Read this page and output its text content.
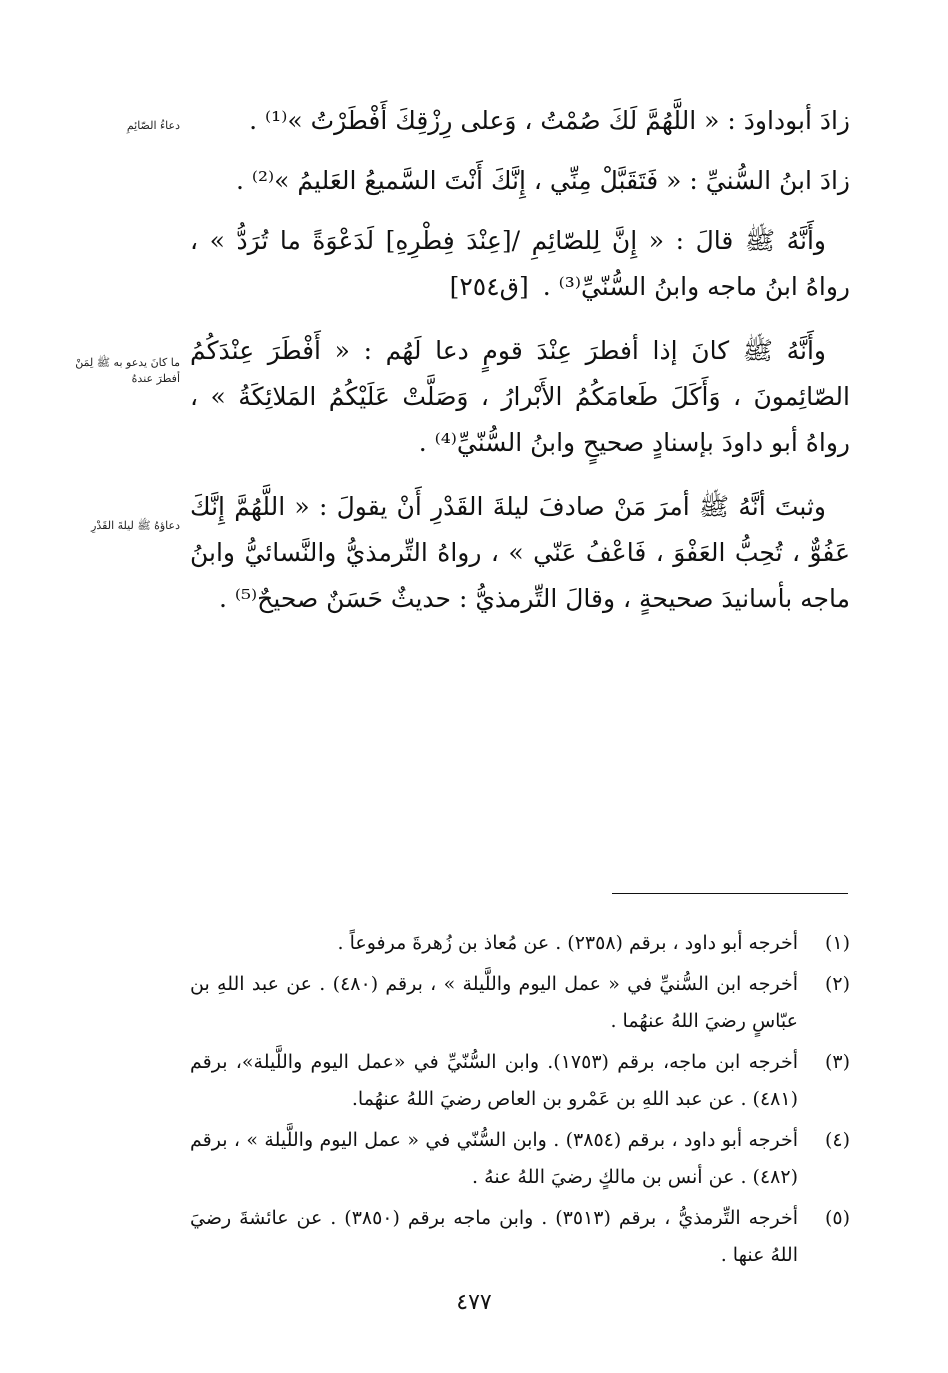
زادَ أبوداودَ : « اللَّهُمَّ لَكَ صُمْتُ ، وَعلى رِزْقِكَ أَفْطَرْتُ »⁽¹⁾ .

زادَ ابنُ السُّنيِّ : « فَتَقَبَّلْ مِنِّي ، إِنَّكَ أَنْتَ السَّميعُ العَليمُ »⁽²⁾ .

وأَنَّهُ ﷺ قالَ : « إِنَّ لِلصّائِمِ /[عِنْدَ فِطْرِهِ] لَدَعْوَةً ما تُرَدُّ » ، رواهُ ابنُ ماجه وابنُ السُّنّيِّ⁽³⁾ . [ق٢٥٤]

وأَنَّهُ ﷺ كانَ إذا أفطرَ عِنْدَ قومٍ دعا لَهُم : « أَفْطَرَ عِنْدَكُمُ الصّائِمونَ ، وَأَكَلَ طَعامَكُمُ الأَبْرارُ ، وَصَلَّتْ عَلَيْكُمُ المَلائِكَةُ » ، رواهُ أبو داودَ بإسنادٍ صحيحٍ وابنُ السُّنّيِّ⁽⁴⁾ .

وثبتَ أنَّهُ ﷺ أمرَ مَنْ صادفَ ليلةَ القَدْرِ أَنْ يقولَ : « اللَّهُمَّ إِنَّكَ عَفُوٌّ ، تُحِبُّ العَفْوَ ، فَاعْفُ عَنّي » ، رواهُ التِّرمذيُّ والنَّسائيُّ وابنُ ماجه بأسانيدَ صحيحةٍ ، وقالَ التِّرمذيُّ : حديثٌ حَسَنٌ صحيحٌ⁽⁵⁾ .

دعاءُ الصّائِمِ
ما كانَ يدعو به ﷺ لِمَنْ أفطرَ عندهُ
دعاؤهُ ﷺ ليلةَ القَدْرِ
(١)
أخرجه أبو داود ، برقم (٢٣٥٨) . عن مُعاذ بن زُهرةَ مرفوعاً .
(٢)
أخرجه ابن السُّنيِّ في « عمل اليوم واللَّيلة » ، برقم (٤٨٠) . عن عبد اللهِ بن عبّاسٍ رضيَ اللهُ عنهُما .
(٣)
أخرجه ابن ماجه، برقم (١٧٥٣). وابن السُّنّيِّ في «عمل اليوم واللَّيلة»، برقم (٤٨١) . عن عبد اللهِ بن عَمْرو بن العاص رضيَ اللهُ عنهُما.
(٤)
أخرجه أبو داود ، برقم (٣٨٥٤) . وابن السُّنّي في « عمل اليوم واللَّيلة » ، برقم (٤٨٢) . عن أنس بن مالكٍ رضيَ اللهُ عنهُ .
(٥)
أخرجه التِّرمذيُّ ، برقم (٣٥١٣) . وابن ماجه برقم (٣٨٥٠) . عن عائشةَ رضيَ اللهُ عنها .
٤٧٧
